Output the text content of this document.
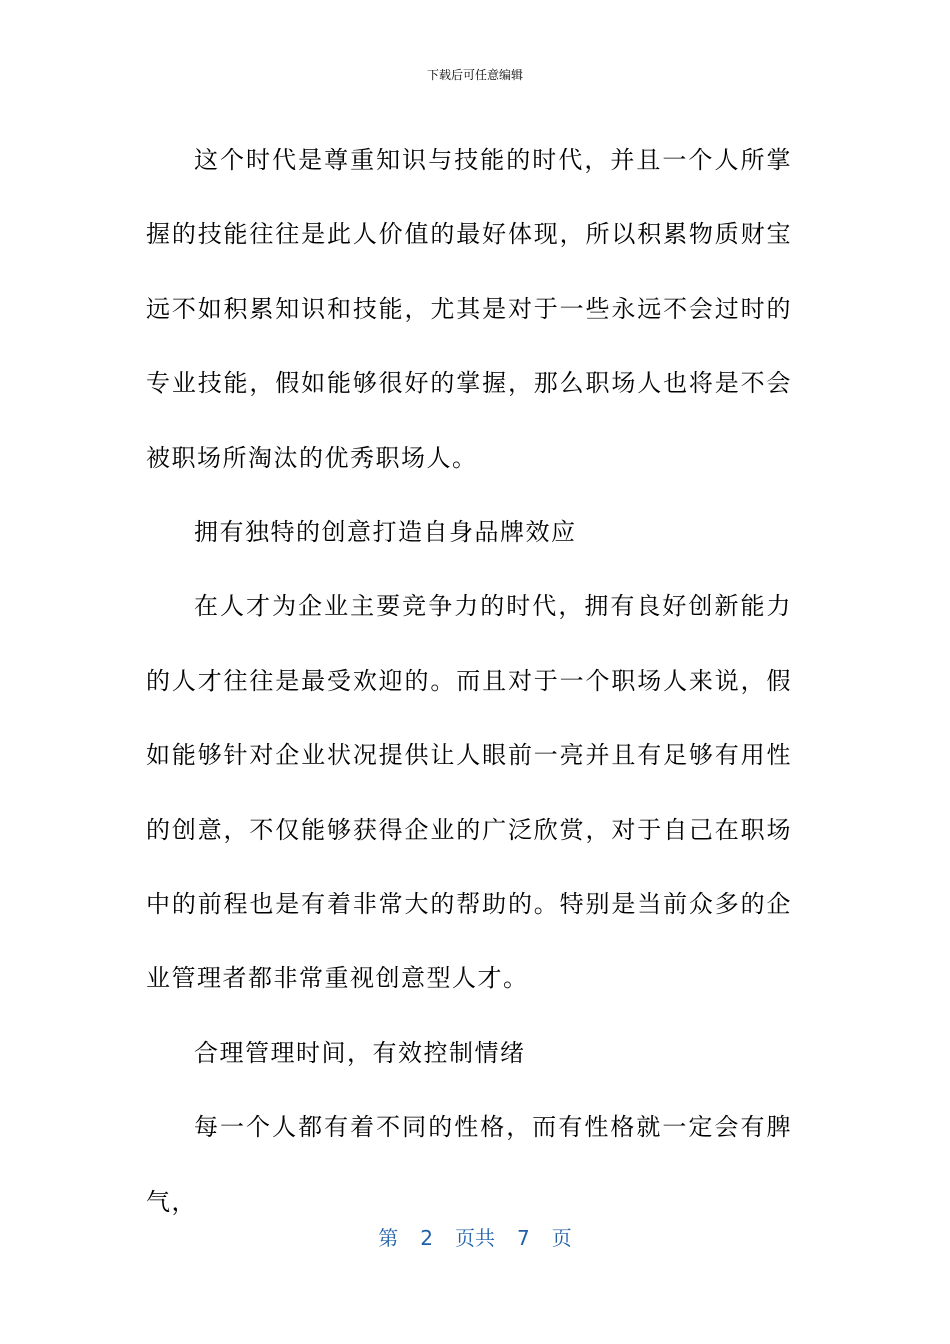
下载后可任意编辑

这个时代是尊重知识与技能的时代，并且一个人所掌握的技能往往是此人价值的最好体现，所以积累物质财宝远不如积累知识和技能，尤其是对于一些永远不会过时的专业技能，假如能够很好的掌握，那么职场人也将是不会被职场所淘汰的优秀职场人。

拥有独特的创意打造自身品牌效应

在人才为企业主要竞争力的时代，拥有良好创新能力的人才往往是最受欢迎的。而且对于一个职场人来说，假如能够针对企业状况提供让人眼前一亮并且有足够有用性的创意，不仅能够获得企业的广泛欣赏，对于自己在职场中的前程也是有着非常大的帮助的。特别是当前众多的企业管理者都非常重视创意型人才。

合理管理时间，有效控制情绪

每一个人都有着不同的性格，而有性格就一定会有脾气，

第 2 页共 7 页
